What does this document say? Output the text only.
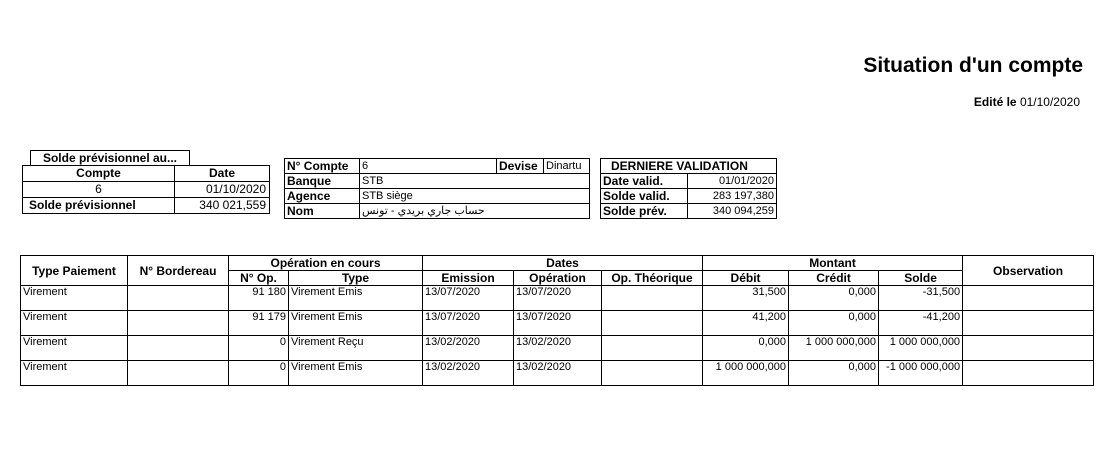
Situation d'un compte
Edité le 01/10/2020
Compte	Date
6	01/10/2020
Solde prévisionnel	340 021,559
Solde prévisionnel au...
N° Compte	6	Devise	Dinartu
Banque	STB		
Agence	STB siège		
Nom	حساب جاري بريدي - تونس		
DERNIERE VALIDATION	
Date valid.	01/01/2020
Solde valid.	283 197,380
Solde prév.	340 094,259
Type Paiement	N° Bordereau	Opération en cours		Dates			Montant			Observation
		N° Op.	Type	Emission	Opération	Op. Théorique	Débit	Crédit	Solde	
Virement		91 180	Virement Emis	13/07/2020	13/07/2020		31,500	0,000	-31,500	
Virement		91 179	Virement Emis	13/07/2020	13/07/2020		41,200	0,000	-41,200	
Virement		0	Virement Reçu	13/02/2020	13/02/2020		0,000	1 000 000,000	1 000 000,000	
Virement		0	Virement Emis	13/02/2020	13/02/2020		1 000 000,000	0,000	-1 000 000,000	
